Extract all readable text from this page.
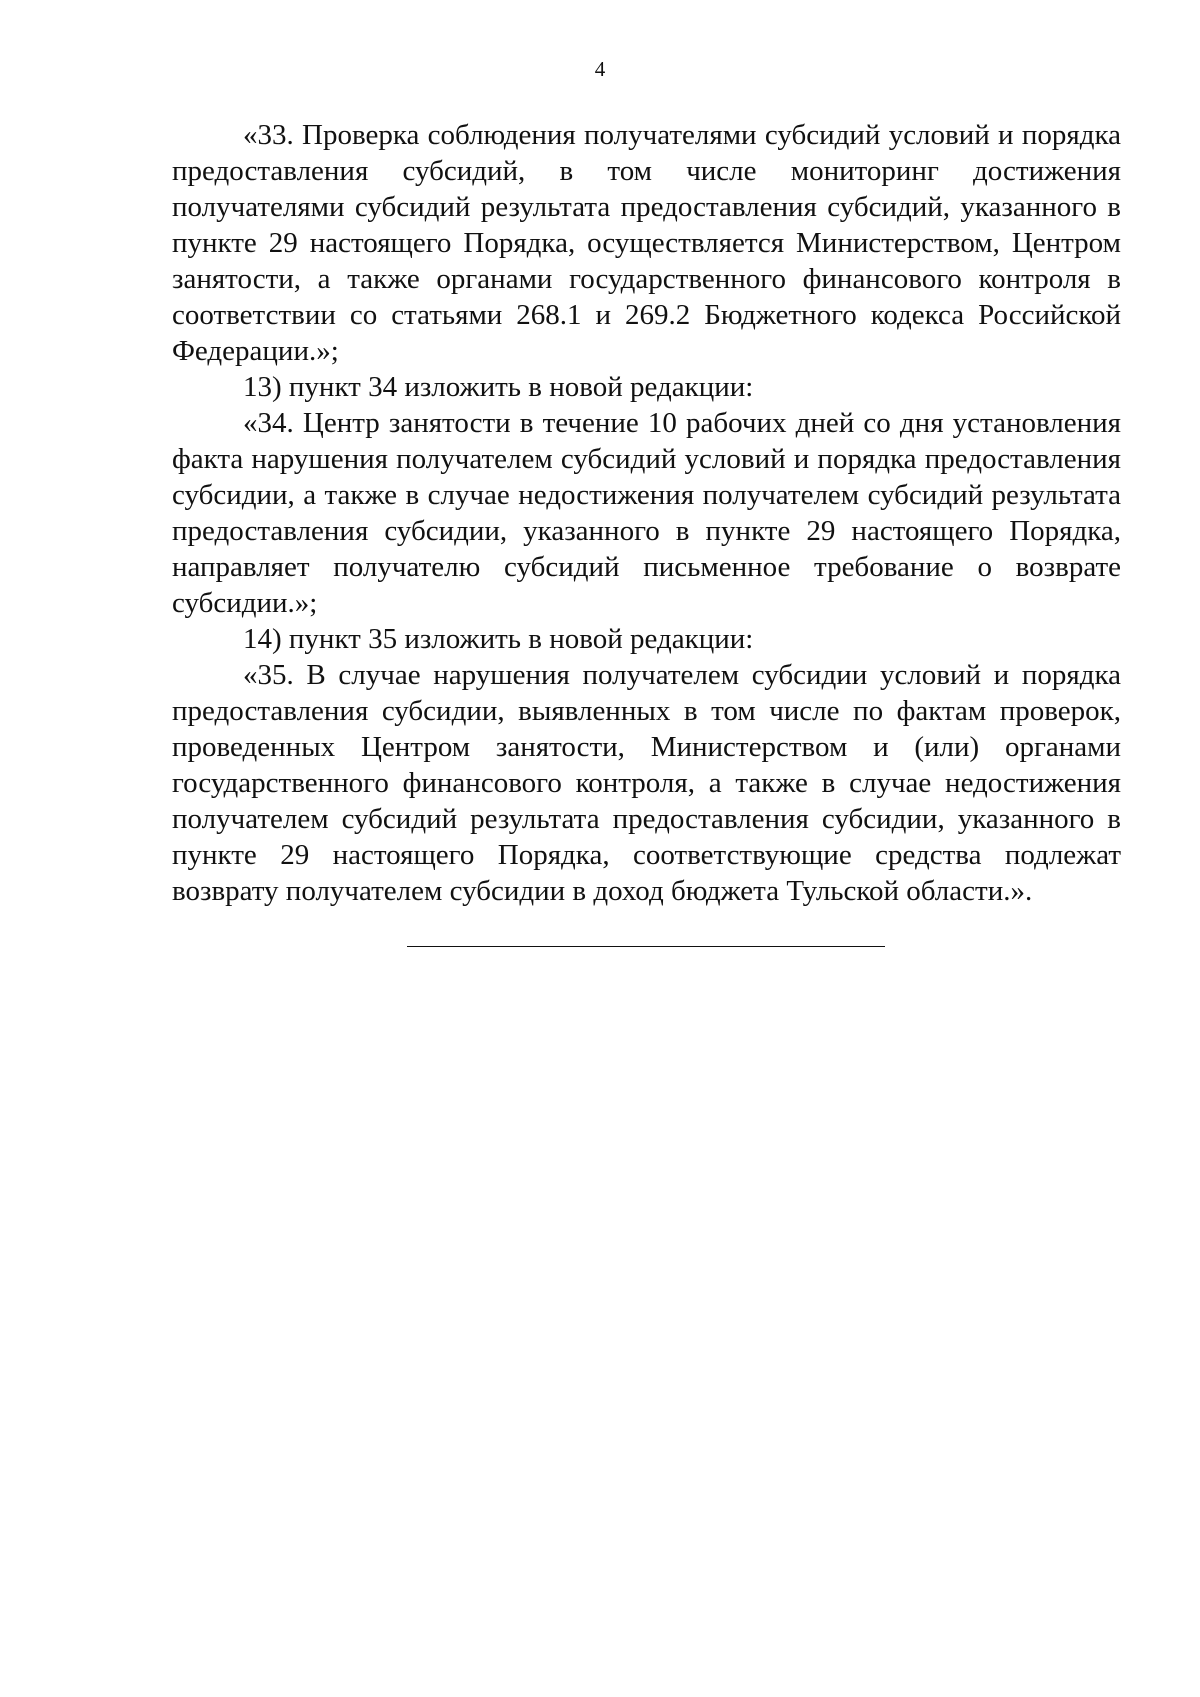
4

«33. Проверка соблюдения получателями субсидий условий и порядка предоставления субсидий, в том числе мониторинг достижения получателями субсидий результата предоставления субсидий, указанного в пункте 29 настоящего Порядка, осуществляется Министерством, Центром занятости, а также органами государственного финансового контроля в соответствии со статьями 268.1 и 269.2 Бюджетного кодекса Российской Федерации.»;

13) пункт 34 изложить в новой редакции:

«34. Центр занятости в течение 10 рабочих дней со дня установления факта нарушения получателем субсидий условий и порядка предоставления субсидии, а также в случае недостижения получателем субсидий результата предоставления субсидии, указанного в пункте 29 настоящего Порядка, направляет получателю субсидий письменное требование о возврате субсидии.»;

14) пункт 35 изложить в новой редакции:

«35. В случае нарушения получателем субсидии условий и порядка предоставления субсидии, выявленных в том числе по фактам проверок, проведенных Центром занятости, Министерством и (или) органами государственного финансового контроля, а также в случае недостижения получателем субсидий результата предоставления субсидии, указанного в пункте 29 настоящего Порядка, соответствующие средства подлежат возврату получателем субсидии в доход бюджета Тульской области.».
